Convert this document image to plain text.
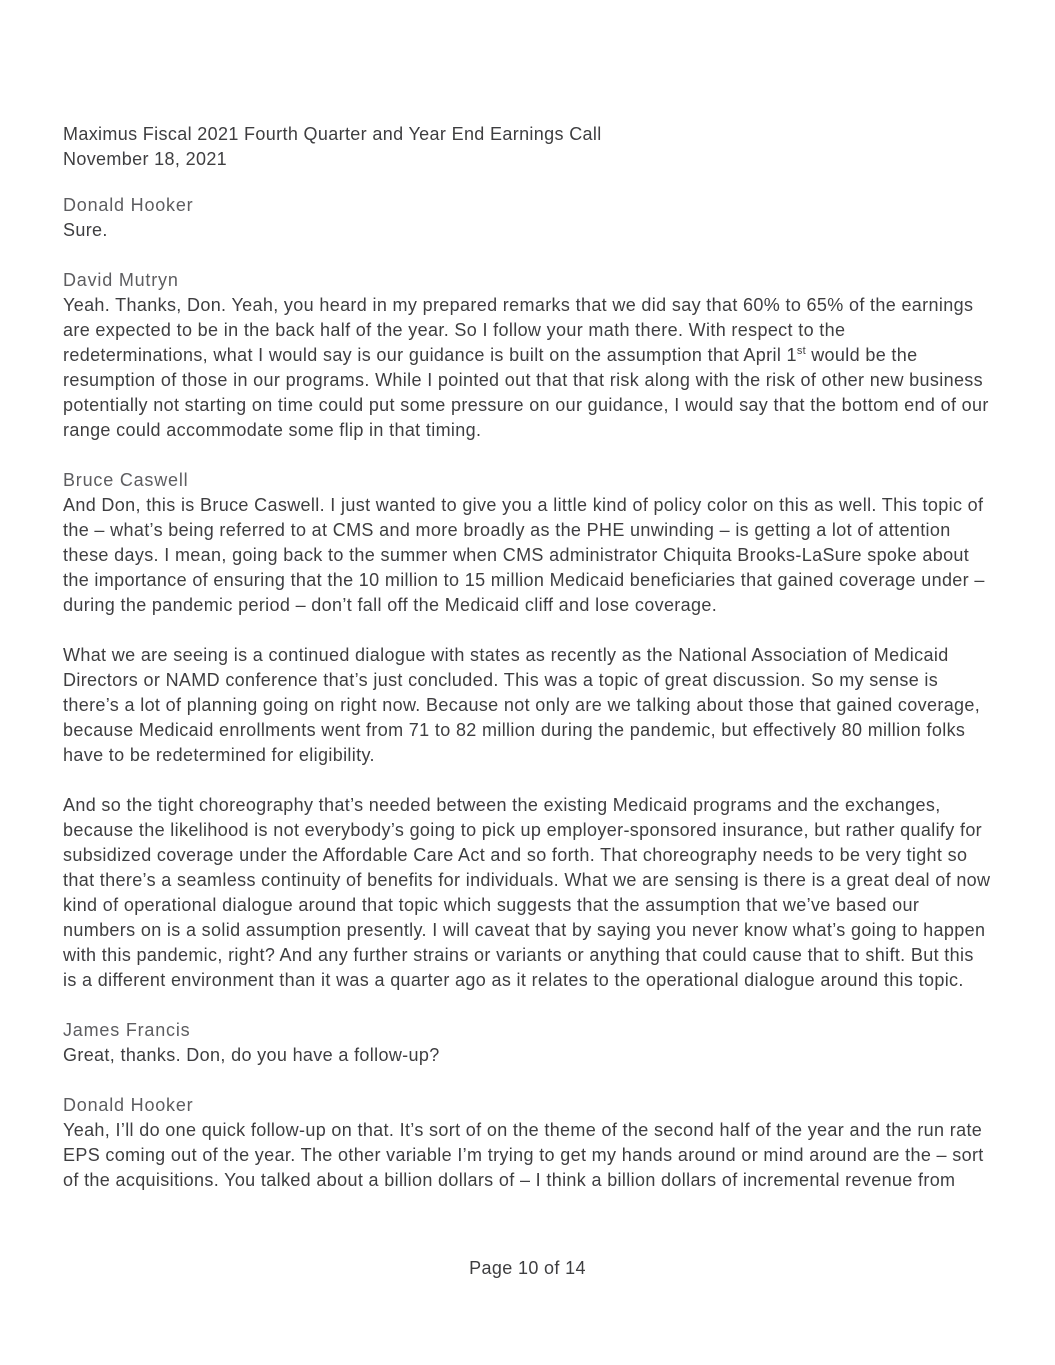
Maximus Fiscal 2021 Fourth Quarter and Year End Earnings Call
November 18, 2021
Donald Hooker

Sure.

David Mutryn

Yeah. Thanks, Don. Yeah, you heard in my prepared remarks that we did say that 60% to 65% of the earnings are expected to be in the back half of the year. So I follow your math there. With respect to the redeterminations, what I would say is our guidance is built on the assumption that April 1st would be the resumption of those in our programs. While I pointed out that that risk along with the risk of other new business potentially not starting on time could put some pressure on our guidance, I would say that the bottom end of our range could accommodate some flip in that timing.

Bruce Caswell

And Don, this is Bruce Caswell. I just wanted to give you a little kind of policy color on this as well. This topic of the – what’s being referred to at CMS and more broadly as the PHE unwinding – is getting a lot of attention these days. I mean, going back to the summer when CMS administrator Chiquita Brooks-LaSure spoke about the importance of ensuring that the 10 million to 15 million Medicaid beneficiaries that gained coverage under – during the pandemic period – don’t fall off the Medicaid cliff and lose coverage.

What we are seeing is a continued dialogue with states as recently as the National Association of Medicaid Directors or NAMD conference that’s just concluded. This was a topic of great discussion. So my sense is there’s a lot of planning going on right now. Because not only are we talking about those that gained coverage, because Medicaid enrollments went from 71 to 82 million during the pandemic, but effectively 80 million folks have to be redetermined for eligibility.

And so the tight choreography that’s needed between the existing Medicaid programs and the exchanges, because the likelihood is not everybody’s going to pick up employer-sponsored insurance, but rather qualify for subsidized coverage under the Affordable Care Act and so forth. That choreography needs to be very tight so that there’s a seamless continuity of benefits for individuals. What we are sensing is there is a great deal of now kind of operational dialogue around that topic which suggests that the assumption that we’ve based our numbers on is a solid assumption presently. I will caveat that by saying you never know what’s going to happen with this pandemic, right? And any further strains or variants or anything that could cause that to shift. But this is a different environment than it was a quarter ago as it relates to the operational dialogue around this topic.

James Francis

Great, thanks. Don, do you have a follow-up?

Donald Hooker

Yeah, I’ll do one quick follow-up on that. It’s sort of on the theme of the second half of the year and the run rate EPS coming out of the year. The other variable I’m trying to get my hands around or mind around are the – sort of the acquisitions. You talked about a billion dollars of – I think a billion dollars of incremental revenue from

Page 10 of 14
